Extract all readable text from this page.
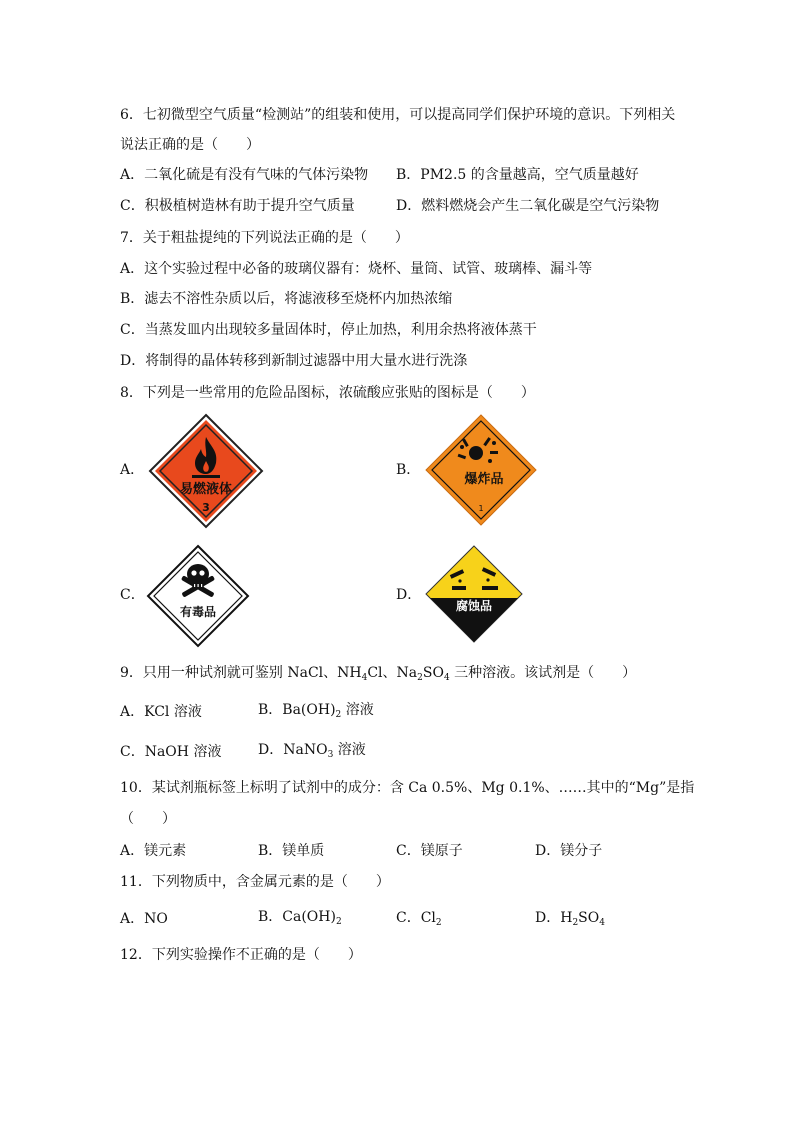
6．七初微型空气质量“检测站”的组装和使用，可以提高同学们保护环境的意识。下列相关
说法正确的是（　　）
A．二氧化硫是有没有气味的气体污染物 B．PM2.5 的含量越高，空气质量越好
C．积极植树造林有助于提升空气质量	D．燃料燃烧会产生二氧化碳是空气污染物
7．关于粗盐提纯的下列说法正确的是（　　）
A．这个实验过程中必备的玻璃仪器有：烧杯、量筒、试管、玻璃棒、漏斗等
B．滤去不溶性杂质以后，将滤液移至烧杯内加热浓缩
C．当蒸发皿内出现较多量固体时，停止加热，利用余热将液体蒸干
D．将制得的晶体转移到新制过滤器中用大量水进行洗涤
8．下列是一些常用的危险品图标，浓硫酸应张贴的图标是（　　）
A．
易燃液体
3
B．
爆炸品
1
C．
有毒品
D．
腐蚀品
9．只用一种试剂就可鉴别 NaCl、$NH_4Cl$、$Na_2SO_4$ 三种溶液。该试剂是（　　）
A．KCl 溶液	B．$Ba(OH)_2$ 溶液
C．NaOH 溶液	D．NaNO$_3$ 溶液
10．某试剂瓶标签上标明了试剂中的成分：含 Ca 0.5%、Mg 0.1%、……其中的“Mg”是指
（　　）
A．镁元素	B．镁单质	C．镁原子	D．镁分子
11．下列物质中，含金属元素的是（　　）
A．NO	B．$Ca(OH)_2$	C．$Cl_2$	D．$H_2SO_4$
12．下列实验操作不正确的是（　　）
